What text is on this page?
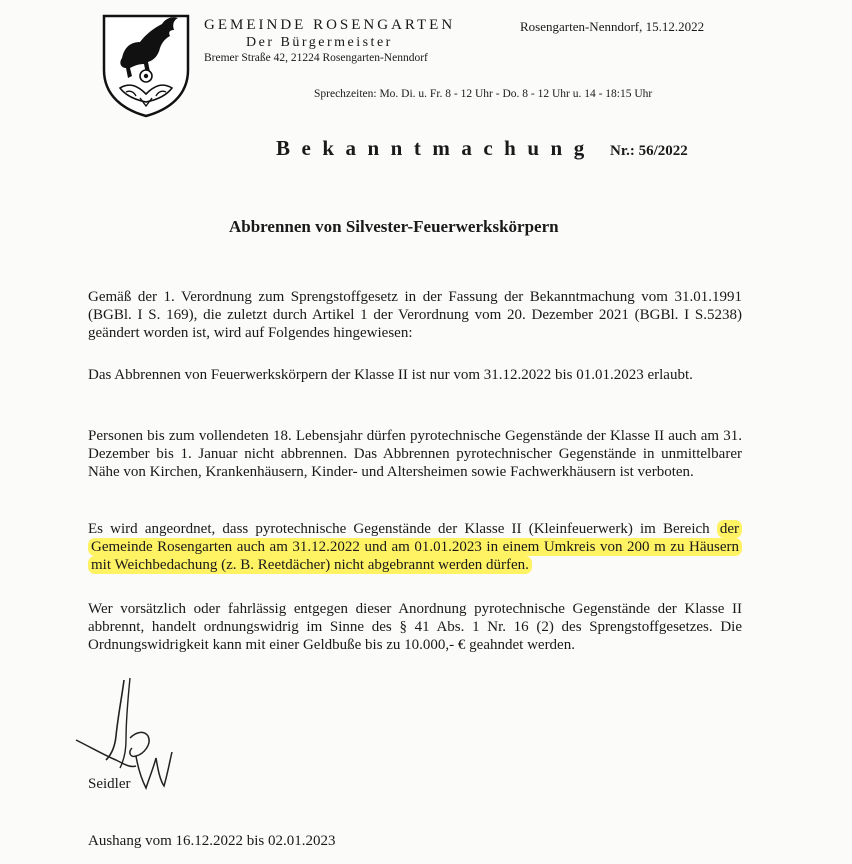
GEMEINDE ROSENGARTEN
Der Bürgermeister
Bremer Straße 42, 21224 Rosengarten-Nenndorf
Rosengarten-Nenndorf, 15.12.2022
Sprechzeiten: Mo. Di. u. Fr. 8 - 12 Uhr - Do. 8 - 12 Uhr u. 14 - 18:15 Uhr
Bekanntmachung Nr.: 56/2022
Abbrennen von Silvester-Feuerwerkskörpern
Gemäß der 1. Verordnung zum Sprengstoffgesetz in der Fassung der Bekanntmachung vom 31.01.1991 (BGBl. I S. 169), die zuletzt durch Artikel 1 der Verordnung vom 20. Dezember 2021 (BGBl. I S.5238) geändert worden ist, wird auf Folgendes hingewiesen:
Das Abbrennen von Feuerwerkskörpern der Klasse II ist nur vom 31.12.2022 bis 01.01.2023 erlaubt.
Personen bis zum vollendeten 18. Lebensjahr dürfen pyrotechnische Gegenstände der Klasse II auch am 31. Dezember bis 1. Januar nicht abbrennen. Das Abbrennen pyrotechnischer Gegenstände in unmittelbarer Nähe von Kirchen, Krankenhäusern, Kinder- und Altersheimen sowie Fachwerkhäusern ist verboten.
Es wird angeordnet, dass pyrotechnische Gegenstände der Klasse II (Kleinfeuerwerk) im Bereich der Gemeinde Rosengarten auch am 31.12.2022 und am 01.01.2023 in einem Umkreis von 200 m zu Häusern mit Weichbedachung (z. B. Reetdächer) nicht abgebrannt werden dürfen.
Wer vorsätzlich oder fahrlässig entgegen dieser Anordnung pyrotechnische Gegenstände der Klasse II abbrennt, handelt ordnungswidrig im Sinne des § 41 Abs. 1 Nr. 16 (2) des Sprengstoffgesetzes. Die Ordnungswidrigkeit kann mit einer Geldbuße bis zu 10.000,- € geahndet werden.
Seidler
Aushang vom 16.12.2022 bis 02.01.2023
